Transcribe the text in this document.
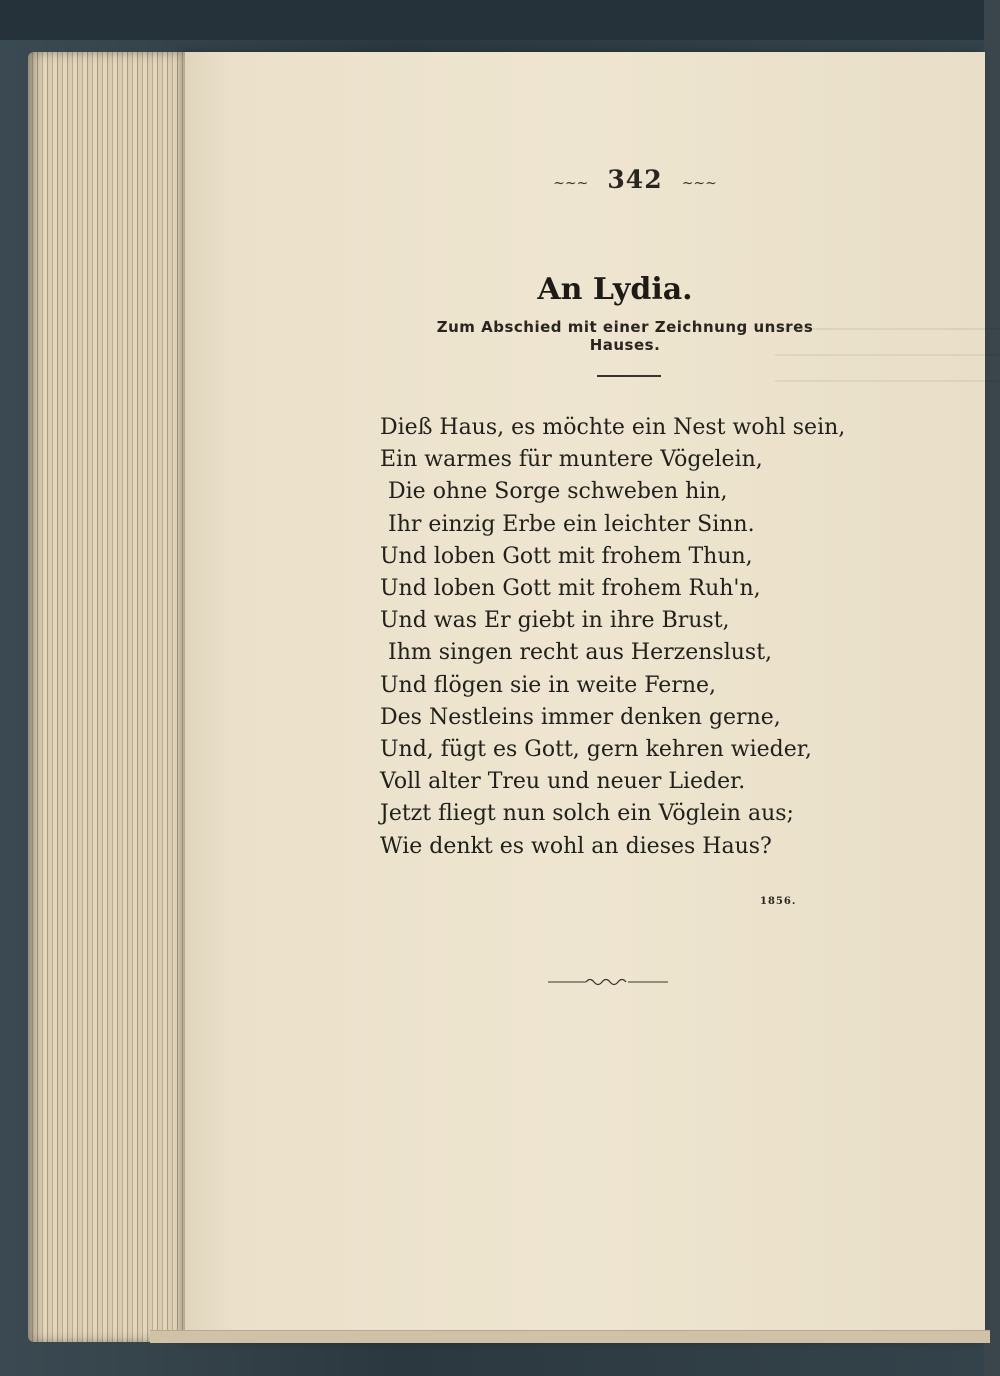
∼∼∼ 342 ∼∼∼
An Lydia.
Zum Abschied mit einer Zeichnung unsres Hauses.
Dieß Haus, es möchte ein Nest wohl sein,
Ein warmes für muntere Vögelein,
Die ohne Sorge schweben hin,
Ihr einzig Erbe ein leichter Sinn.
Und loben Gott mit frohem Thun,
Und loben Gott mit frohem Ruh'n,
Und was Er giebt in ihre Brust,
Ihm singen recht aus Herzenslust,
Und flögen sie in weite Ferne,
Des Nestleins immer denken gerne,
Und, fügt es Gott, gern kehren wieder,
Voll alter Treu und neuer Lieder.
Jetzt fliegt nun solch ein Vöglein aus;
Wie denkt es wohl an dieses Haus?
1856.
